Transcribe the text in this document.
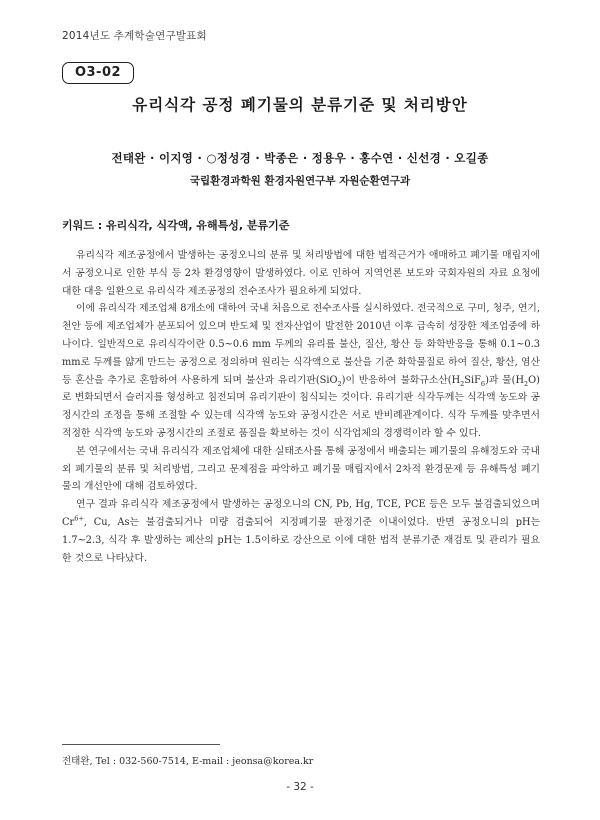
2014년도 추계학술연구발표회
O3-02
유리식각 공정 폐기물의 분류기준 및 처리방안
전태완 · 이지영 · ○정성경 · 박종은 · 정용우 · 홍수연 · 신선경 · 오길종
국립환경과학원 환경자원연구부 자원순환연구과
키워드 : 유리식각, 식각액, 유해특성, 분류기준

유리식각 제조공정에서 발생하는 공정오니의 분류 및 처리방법에 대한 법적근거가 애매하고 폐기물 매립지에서 공정오니로 인한 부식 등 2차 환경영향이 발생하였다. 이로 인하여 지역언론 보도와 국회자원의 자료 요청에 대한 대응 일환으로 유리식각 제조공정의 전수조사가 필요하게 되었다.

이에 유리식각 제조업체 8개소에 대하여 국내 처음으로 전수조사를 실시하였다. 전국적으로 구미, 청주, 연기, 천안 등에 제조업체가 분포되어 있으며 반도체 및 전자산업이 발전한 2010년 이후 급속히 성장한 제조업중에 하나이다. 일반적으로 유리식각이란 0.5~0.6 mm 두께의 유리를 불산, 질산, 황산 등 화학반응을 통해 0.1~0.3 mm로 두께를 얇게 만드는 공정으로 정의하며 원리는 식각액으로 불산을 기준 화학물질로 하여 질산, 황산, 염산 등 혼산을 추가로 혼합하여 사용하게 되며 불산과 유리기판(SiO$_2$)이 반응하여 불화규소산$(H_2SiF_6)$과 물$(H_2O)$로 변화되면서 슬러지를 형성하고 침전되며 유리기판이 침식되는 것이다. 유리기판 식각두께는 식각액 농도와 공정시간의 조정을 통해 조절할 수 있는데 식각액 농도와 공정시간은 서로 반비례관계이다. 식각 두께를 맞추면서 적정한 식각액 농도와 공정시간의 조절로 품질을 확보하는 것이 식각업체의 경쟁력이라 할 수 있다.

본 연구에서는 국내 유리식각 제조업체에 대한 실태조사를 통해 공정에서 배출되는 폐기물의 유해정도와 국내외 폐기물의 분류 및 처리방법, 그리고 문제점을 파악하고 폐기물 매립지에서 2차적 환경문제 등 유해특성 폐기물의 개선안에 대해 검토하였다.

연구 결과 유리식각 제조공정에서 발생하는 공정오니의 CN, Pb, Hg, TCE, PCE 등은 모두 불검출되었으며 $Cr^{6+}$, Cu, As는 불검출되거나 미량 검출되어 지정폐기물 판정기준 이내이었다. 반면 공정오니의 pH는 1.7~2.3, 식각 후 발생하는 폐산의 pH는 1.5이하로 강산으로 이에 대한 법적 분류기준 재검토 및 관리가 필요한 것으로 나타났다.

전태완, Tel : 032-560-7514, E-mail : jeonsa@korea.kr
- 32 -
